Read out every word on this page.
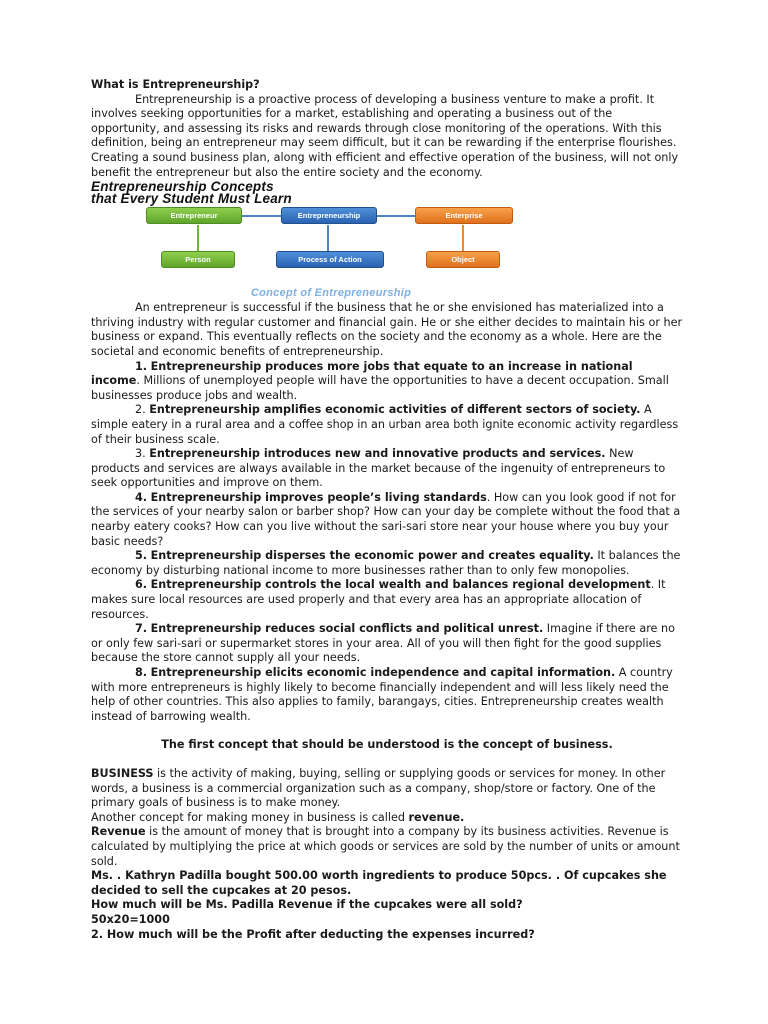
What is Entrepreneurship?

Entrepreneurship is a proactive process of developing a business venture to make a profit. It involves seeking opportunities for a market, establishing and operating a business out of the opportunity, and assessing its risks and rewards through close monitoring of the operations. With this definition, being an entrepreneur may seem difficult, but it can be rewarding if the enterprise flourishes. Creating a sound business plan, along with efficient and effective operation of the business, will not only benefit the entrepreneur but also the entire society and the economy.

Entrepreneurship Concepts
that Every Student Must Learn
Entrepreneur	Entrepreneurship	Enterprise
Person	Process of Action	Object
Concept of Entrepreneurship

An entrepreneur is successful if the business that he or she envisioned has materialized into a thriving industry with regular customer and financial gain. He or she either decides to maintain his or her business or expand. This eventually reflects on the society and the economy as a whole. Here are the societal and economic benefits of entrepreneurship.

1. Entrepreneurship produces more jobs that equate to an increase in national income. Millions of unemployed people will have the opportunities to have a decent occupation. Small businesses produce jobs and wealth.

2. Entrepreneurship amplifies economic activities of different sectors of society. A simple eatery in a rural area and a coffee shop in an urban area both ignite economic activity regardless of their business scale.

3. Entrepreneurship introduces new and innovative products and services. New products and services are always available in the market because of the ingenuity of entrepreneurs to seek opportunities and improve on them.

4. Entrepreneurship improves people’s living standards. How can you look good if not for the services of your nearby salon or barber shop? How can your day be complete without the food that a nearby eatery cooks? How can you live without the sari-sari store near your house where you buy your basic needs?

5. Entrepreneurship disperses the economic power and creates equality. It balances the economy by disturbing national income to more businesses rather than to only few monopolies.

6. Entrepreneurship controls the local wealth and balances regional development. It makes sure local resources are used properly and that every area has an appropriate allocation of resources.

7. Entrepreneurship reduces social conflicts and political unrest. Imagine if there are no or only few sari-sari or supermarket stores in your area. All of you will then fight for the good supplies because the store cannot supply all your needs.

8. Entrepreneurship elicits economic independence and capital information. A country with more entrepreneurs is highly likely to become financially independent and will less likely need the help of other countries. This also applies to family, barangays, cities. Entrepreneurship creates wealth instead of barrowing wealth.

The first concept that should be understood is the concept of business.

BUSINESS is the activity of making, buying, selling or supplying goods or services for money. In other words, a business is a commercial organization such as a company, shop/store or factory. One of the primary goals of business is to make money.

Another concept for making money in business is called revenue.

Revenue is the amount of money that is brought into a company by its business activities. Revenue is calculated by multiplying the price at which goods or services are sold by the number of units or amount sold.

Ms. . Kathryn Padilla bought 500.00 worth ingredients to produce 50pcs. . Of cupcakes she decided to sell the cupcakes at 20 pesos.

How much will be Ms. Padilla Revenue if the cupcakes were all sold?

50x20=1000

2. How much will be the Profit after deducting the expenses incurred?
